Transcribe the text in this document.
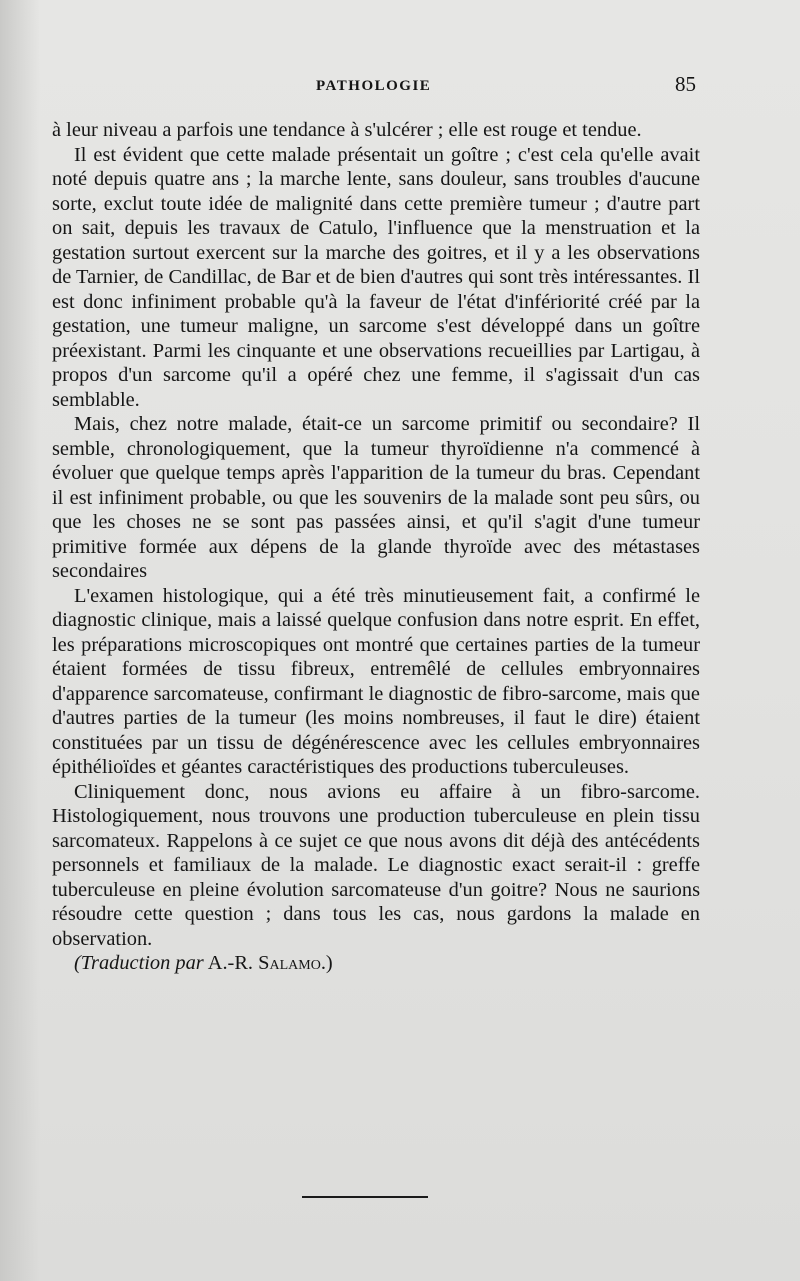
PATHOLOGIE	85

à leur niveau a parfois une tendance à s'ulcérer ; elle est rouge et tendue.

Il est évident que cette malade présentait un goître ; c'est cela qu'elle avait noté depuis quatre ans ; la marche lente, sans douleur, sans troubles d'aucune sorte, exclut toute idée de malignité dans cette première tumeur ; d'autre part on sait, depuis les travaux de Catulo, l'influence que la menstruation et la gestation surtout exercent sur la marche des goitres, et il y a les observations de Tarnier, de Candillac, de Bar et de bien d'autres qui sont très intéressantes. Il est donc infiniment probable qu'à la faveur de l'état d'infériorité créé par la gestation, une tumeur maligne, un sarcome s'est développé dans un goître préexistant. Parmi les cinquante et une observations recueillies par Lartigau, à propos d'un sarcome qu'il a opéré chez une femme, il s'agissait d'un cas semblable.

Mais, chez notre malade, était-ce un sarcome primitif ou secondaire? Il semble, chronologiquement, que la tumeur thyroïdienne n'a commencé à évoluer que quelque temps après l'apparition de la tumeur du bras. Cependant il est infiniment probable, ou que les souvenirs de la malade sont peu sûrs, ou que les choses ne se sont pas passées ainsi, et qu'il s'agit d'une tumeur primitive formée aux dépens de la glande thyroïde avec des métastases secondaires

L'examen histologique, qui a été très minutieusement fait, a confirmé le diagnostic clinique, mais a laissé quelque confusion dans notre esprit. En effet, les préparations microscopiques ont montré que certaines parties de la tumeur étaient formées de tissu fibreux, entremêlé de cellules embryonnaires d'apparence sarcomateuse, confirmant le diagnostic de fibro-sarcome, mais que d'autres parties de la tumeur (les moins nombreuses, il faut le dire) étaient constituées par un tissu de dégénérescence avec les cellules embryonnaires épithélioïdes et géantes caractéristiques des productions tuberculeuses.

Cliniquement donc, nous avions eu affaire à un fibro-sarcome. Histologiquement, nous trouvons une production tuberculeuse en plein tissu sarcomateux. Rappelons à ce sujet ce que nous avons dit déjà des antécédents personnels et familiaux de la malade. Le diagnostic exact serait-il : greffe tuberculeuse en pleine évolution sarcomateuse d'un goitre? Nous ne saurions résoudre cette question ; dans tous les cas, nous gardons la malade en observation.

(Traduction par A.-R. Salamo.)
